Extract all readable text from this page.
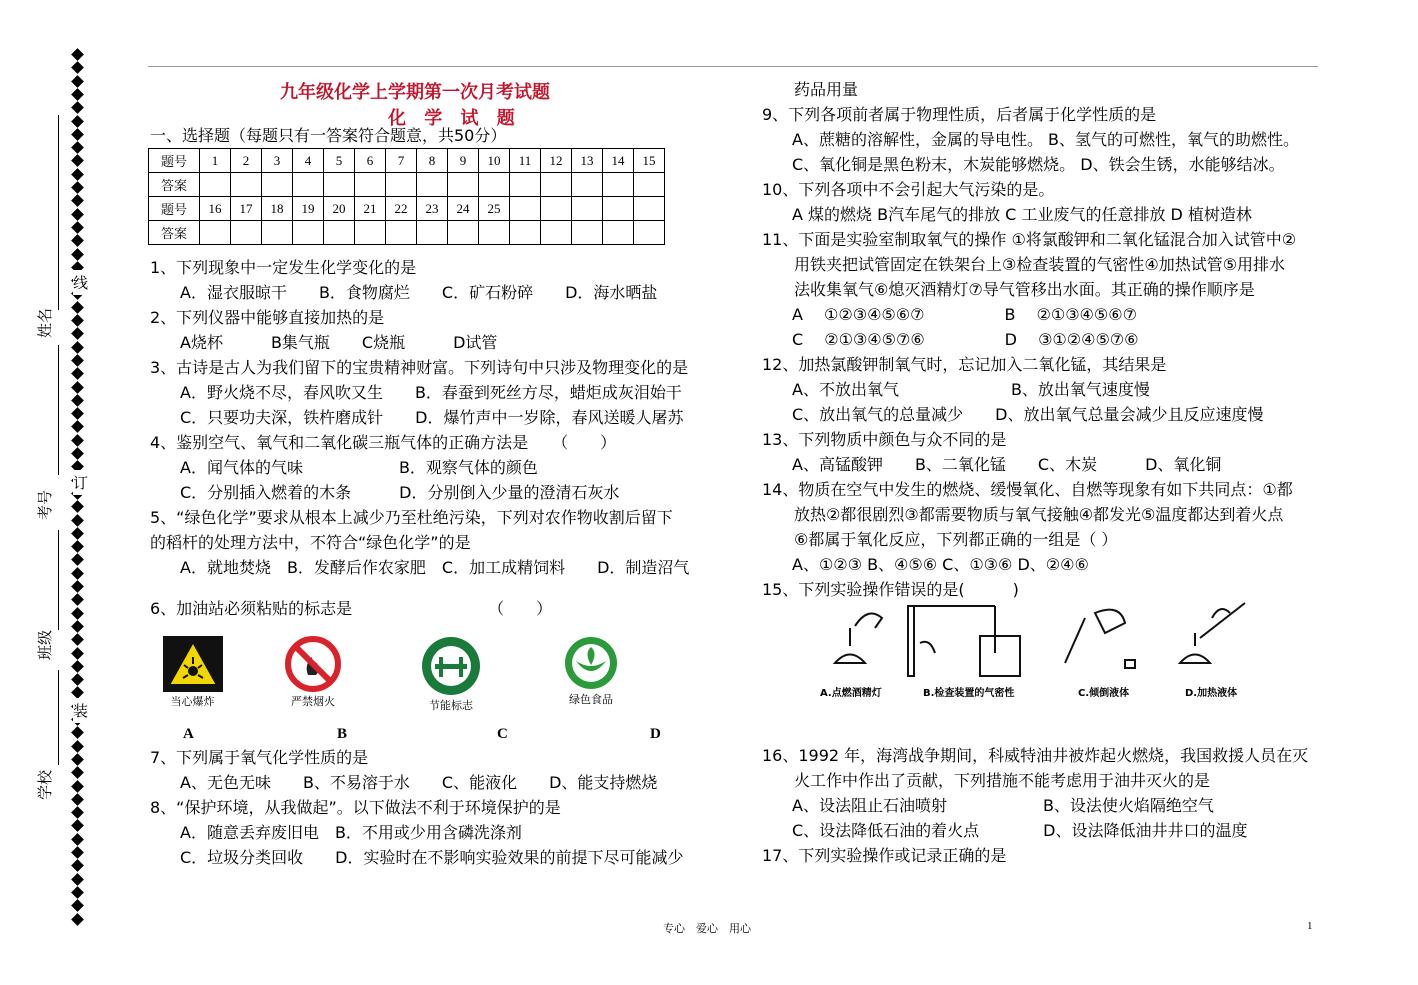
姓名
考号
班级
学校
线
订
装
九年级化学上学期第一次月考试题
化 学 试 题
一、选择题（每题只有一答案符合题意，共50分）
题号	1	2	3	4	5	6	7	8	9	10	11	12	13	14	15
答案															
题号	16	17	18	19	20	21	22	23	24	25					
答案															
1、下列现象中一定发生化学变化的是
A．湿衣服晾干　　B．食物腐烂　　C．矿石粉碎　　D．海水晒盐
2、下列仪器中能够直接加热的是
A烧杯　　　B集气瓶　　C烧瓶　　　D试管
3、古诗是古人为我们留下的宝贵精神财富。下列诗句中只涉及物理变化的是
A．野火烧不尽，春风吹又生　　B．春蚕到死丝方尽，蜡炬成灰泪始干
C．只要功夫深，铁杵磨成针　　D．爆竹声中一岁除，春风送暖人屠苏
4、鉴别空气、氧气和二氧化碳三瓶气体的正确方法是　　（　　）
A．闻气体的气味　　　　　　B．观察气体的颜色
C．分别插入燃着的木条　　　D．分别倒入少量的澄清石灰水
5、“绿色化学”要求从根本上减少乃至杜绝污染，下列对农作物收割后留下
的稻杆的处理方法中，不符合“绿色化学”的是
A．就地焚烧　B．发酵后作农家肥　C．加工成精饲料　　D．制造沼气
6、加油站必须粘贴的标志是　　　　　　　　　（　　）
当心爆炸	严禁烟火	节能标志	绿色食品
A	B	C	D
7、下列属于氧气化学性质的是
A、无色无味　　B、不易溶于水　　C、能液化　　D、能支持燃烧
8、“保护环境，从我做起”。以下做法不利于环境保护的是
A．随意丢弃废旧电　B．不用或少用含磷洗涤剂
C．垃圾分类回收　　D．实验时在不影响实验效果的前提下尽可能减少
药品用量
9、下列各项前者属于物理性质，后者属于化学性质的是
A、蔗糖的溶解性，金属的导电性。 B、氢气的可燃性，氧气的助燃性。
C、氧化铜是黑色粉末，木炭能够燃烧。 D、铁会生锈，水能够结冰。
10、下列各项中不会引起大气污染的是。
A 煤的燃烧 B汽车尾气的排放 C 工业废气的任意排放 D 植树造林
11、下面是实验室制取氧气的操作 ①将氯酸钾和二氧化锰混合加入试管中②
用铁夹把试管固定在铁架台上③检查装置的气密性④加热试管⑤用排水
法收集氧气⑥熄灭酒精灯⑦导气管移出水面。其正确的操作顺序是
A　 ①②③④⑤⑥⑦　　　　　B　 ②①③④⑤⑥⑦
C　 ②①③④⑤⑦⑥　　　　　D　 ③①②④⑤⑦⑥
12、加热氯酸钾制氧气时，忘记加入二氧化锰，其结果是
A、不放出氧气　　　　　　　B、放出氧气速度慢
C、放出氧气的总量减少　　D、放出氧气总量会减少且反应速度慢
13、下列物质中颜色与众不同的是
A、高锰酸钾　　B、二氧化锰　　C、木炭　　　D、氧化铜
14、物质在空气中发生的燃烧、缓慢氧化、自燃等现象有如下共同点：①都
放热②都很剧烈③都需要物质与氧气接触④都发光⑤温度都达到着火点
⑥都属于氧化反应，下列都正确的一组是（ ）
A、①②③ B、④⑤⑥ C、①③⑥ D、②④⑥
15、下列实验操作错误的是(　　　)
A.点燃酒精灯	B.检查装置的气密性	C.倾倒液体	D.加热液体
16、1992 年，海湾战争期间，科威特油井被炸起火燃烧，我国救援人员在灭
火工作中作出了贡献，下列措施不能考虑用于油井灭火的是
A、设法阻止石油喷射　　　　　　B、设法使火焰隔绝空气
C、设法降低石油的着火点　　　　D、设法降低油井井口的温度
17、下列实验操作或记录正确的是
专心　爱心　用心	1
